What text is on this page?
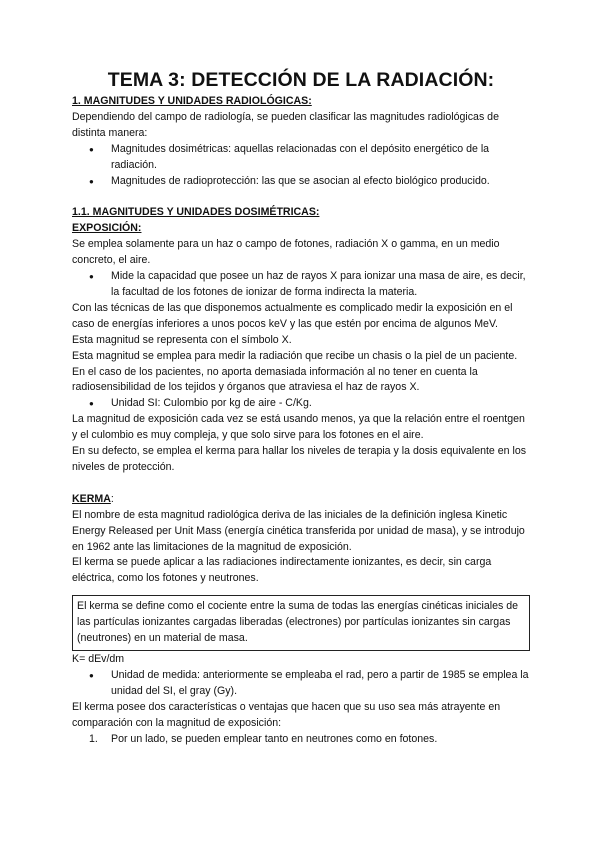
TEMA 3: DETECCIÓN DE LA RADIACIÓN:

1. MAGNITUDES Y UNIDADES RADIOLÓGICAS:

Dependiendo del campo de radiología, se pueden clasificar las magnitudes radiológicas de distinta manera:

● Magnitudes dosimétricas: aquellas relacionadas con el depósito energético de la radiación.
● Magnitudes de radioprotección: las que se asocian al efecto biológico producido.

1.1. MAGNITUDES Y UNIDADES DOSIMÉTRICAS:

EXPOSICIÓN:

Se emplea solamente para un haz o campo de fotones, radiación X o gamma, en un medio concreto, el aire.

● Mide la capacidad que posee un haz de rayos X para ionizar una masa de aire, es decir, la facultad de los fotones de ionizar de forma indirecta la materia.

Con las técnicas de las que disponemos actualmente es complicado medir la exposición en el caso de energías inferiores a unos pocos keV y las que estén por encima de algunos MeV.

Esta magnitud se representa con el símbolo X.

Esta magnitud se emplea para medir la radiación que recibe un chasis o la piel de un paciente.

En el caso de los pacientes, no aporta demasiada información al no tener en cuenta la radiosensibilidad de los tejidos y órganos que atraviesa el haz de rayos X.

● Unidad SI: Culombio por kg de aire - C/Kg.

La magnitud de exposición cada vez se está usando menos, ya que la relación entre el roentgen y el culombio es muy compleja, y que solo sirve para los fotones en el aire.

En su defecto, se emplea el kerma para hallar los niveles de terapia y la dosis equivalente en los niveles de protección.

KERMA:

El nombre de esta magnitud radiológica deriva de las iniciales de la definición inglesa Kinetic Energy Released per Unit Mass (energía cinética transferida por unidad de masa), y se introdujo en 1962 ante las limitaciones de la magnitud de exposición.

El kerma se puede aplicar a las radiaciones indirectamente ionizantes, es decir, sin carga eléctrica, como los fotones y neutrones.

El kerma se define como el cociente entre la suma de todas las energías cinéticas iniciales de las partículas ionizantes cargadas liberadas (electrones) por partículas ionizantes sin cargas (neutrones) en un material de masa.

K= dEv/dm

● Unidad de medida: anteriormente se empleaba el rad, pero a partir de 1985 se emplea la unidad del SI, el gray (Gy).

El kerma posee dos características o ventajas que hacen que su uso sea más atrayente en comparación con la magnitud de exposición:

1. Por un lado, se pueden emplear tanto en neutrones como en fotones.
